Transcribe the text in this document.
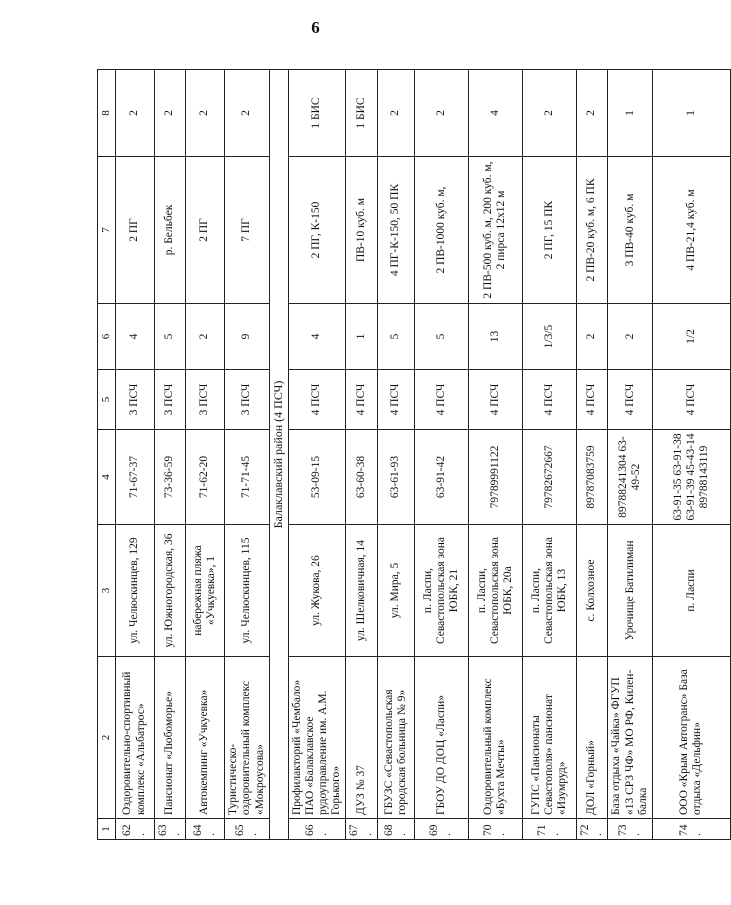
6
1	2	3	4	5	6	7	8
62.	Оздоровительно-спортивный комплекс «Альбатрос»	ул. Челюскинцев, 129	71-67-37	3 ПСЧ	4	2 ПГ	2
63.	Пансионат «Любоморье»	ул. Южногородская, 36	73-36-59	3 ПСЧ	5	р. Бельбек	2
64.	Автокемпинг «Учкуевка»	набережная пляжа «Учкуевка», 1	71-62-20	3 ПСЧ	2	2 ПГ	2
65.	Туристическо-оздоровительный комплекс «Мокроусова»	ул. Челюскинцев, 115	71-71-45	3 ПСЧ	9	7 ПГ	2
Балаклавский район (4 ПСЧ)							
66.	Профилакторий «Чембало» ПАО «Балаклавское рудоуправление им. А.М. Горького»	ул. Жукова, 26	53-09-15	4 ПСЧ	4	2 ПГ, К-150	1 БИС
67.	ДУЗ № 37	ул. Шелковичная, 14	63-60-38	4 ПСЧ	1	ПВ-10 куб. м	1 БИС
68.	ГБУЗС «Севастопольская городская больница № 9»	ул. Мира, 5	63-61-93	4 ПСЧ	5	4 ПГ-К-150, 50 ПК	2
69.	ГБОУ ДО ДОЦ «Ласпи»	п. Ласпи, Севастопольская зона ЮБК, 21	63-91-42	4 ПСЧ	5	2 ПВ-1000 куб. м,	2
70.	Оздоровительный комплекс «Бухта Мечты»	п. Ласпи, Севастопольская зона ЮБК, 20а	79789991122	4 ПСЧ	13	2 ПВ-500 куб. м, 200 куб. м, 2 пирса 12х12 м	4
71.	ГУПС «Пансионаты Севастополя» пансионат «Изумруд»	п. Ласпи, Севастопольская зона ЮБК, 13	79782672667	4 ПСЧ	1/3/5	2 ПГ, 15 ПК	2
72.	ДОЛ «Горный»	с. Колхозное	89787083759	4 ПСЧ	2	2 ПВ-20 куб. м, 6 ПК	2
73.	База отдыха «Чайка» ФГУП «13 СРЗ ЧФ» МО РФ, Килен-балка	Урочище Батилиман	89788241304 63-49-52	4 ПСЧ	2	3 ПВ-40 куб. м	1
74.	ООО «Крым Автогранс» База отдыха «Дельфин»	п. Ласпи	63-91-35 63-91-38 63-91-39 45-43-14 89788143119	4 ПСЧ	1/2	4 ПВ-21,4 куб. м	1
